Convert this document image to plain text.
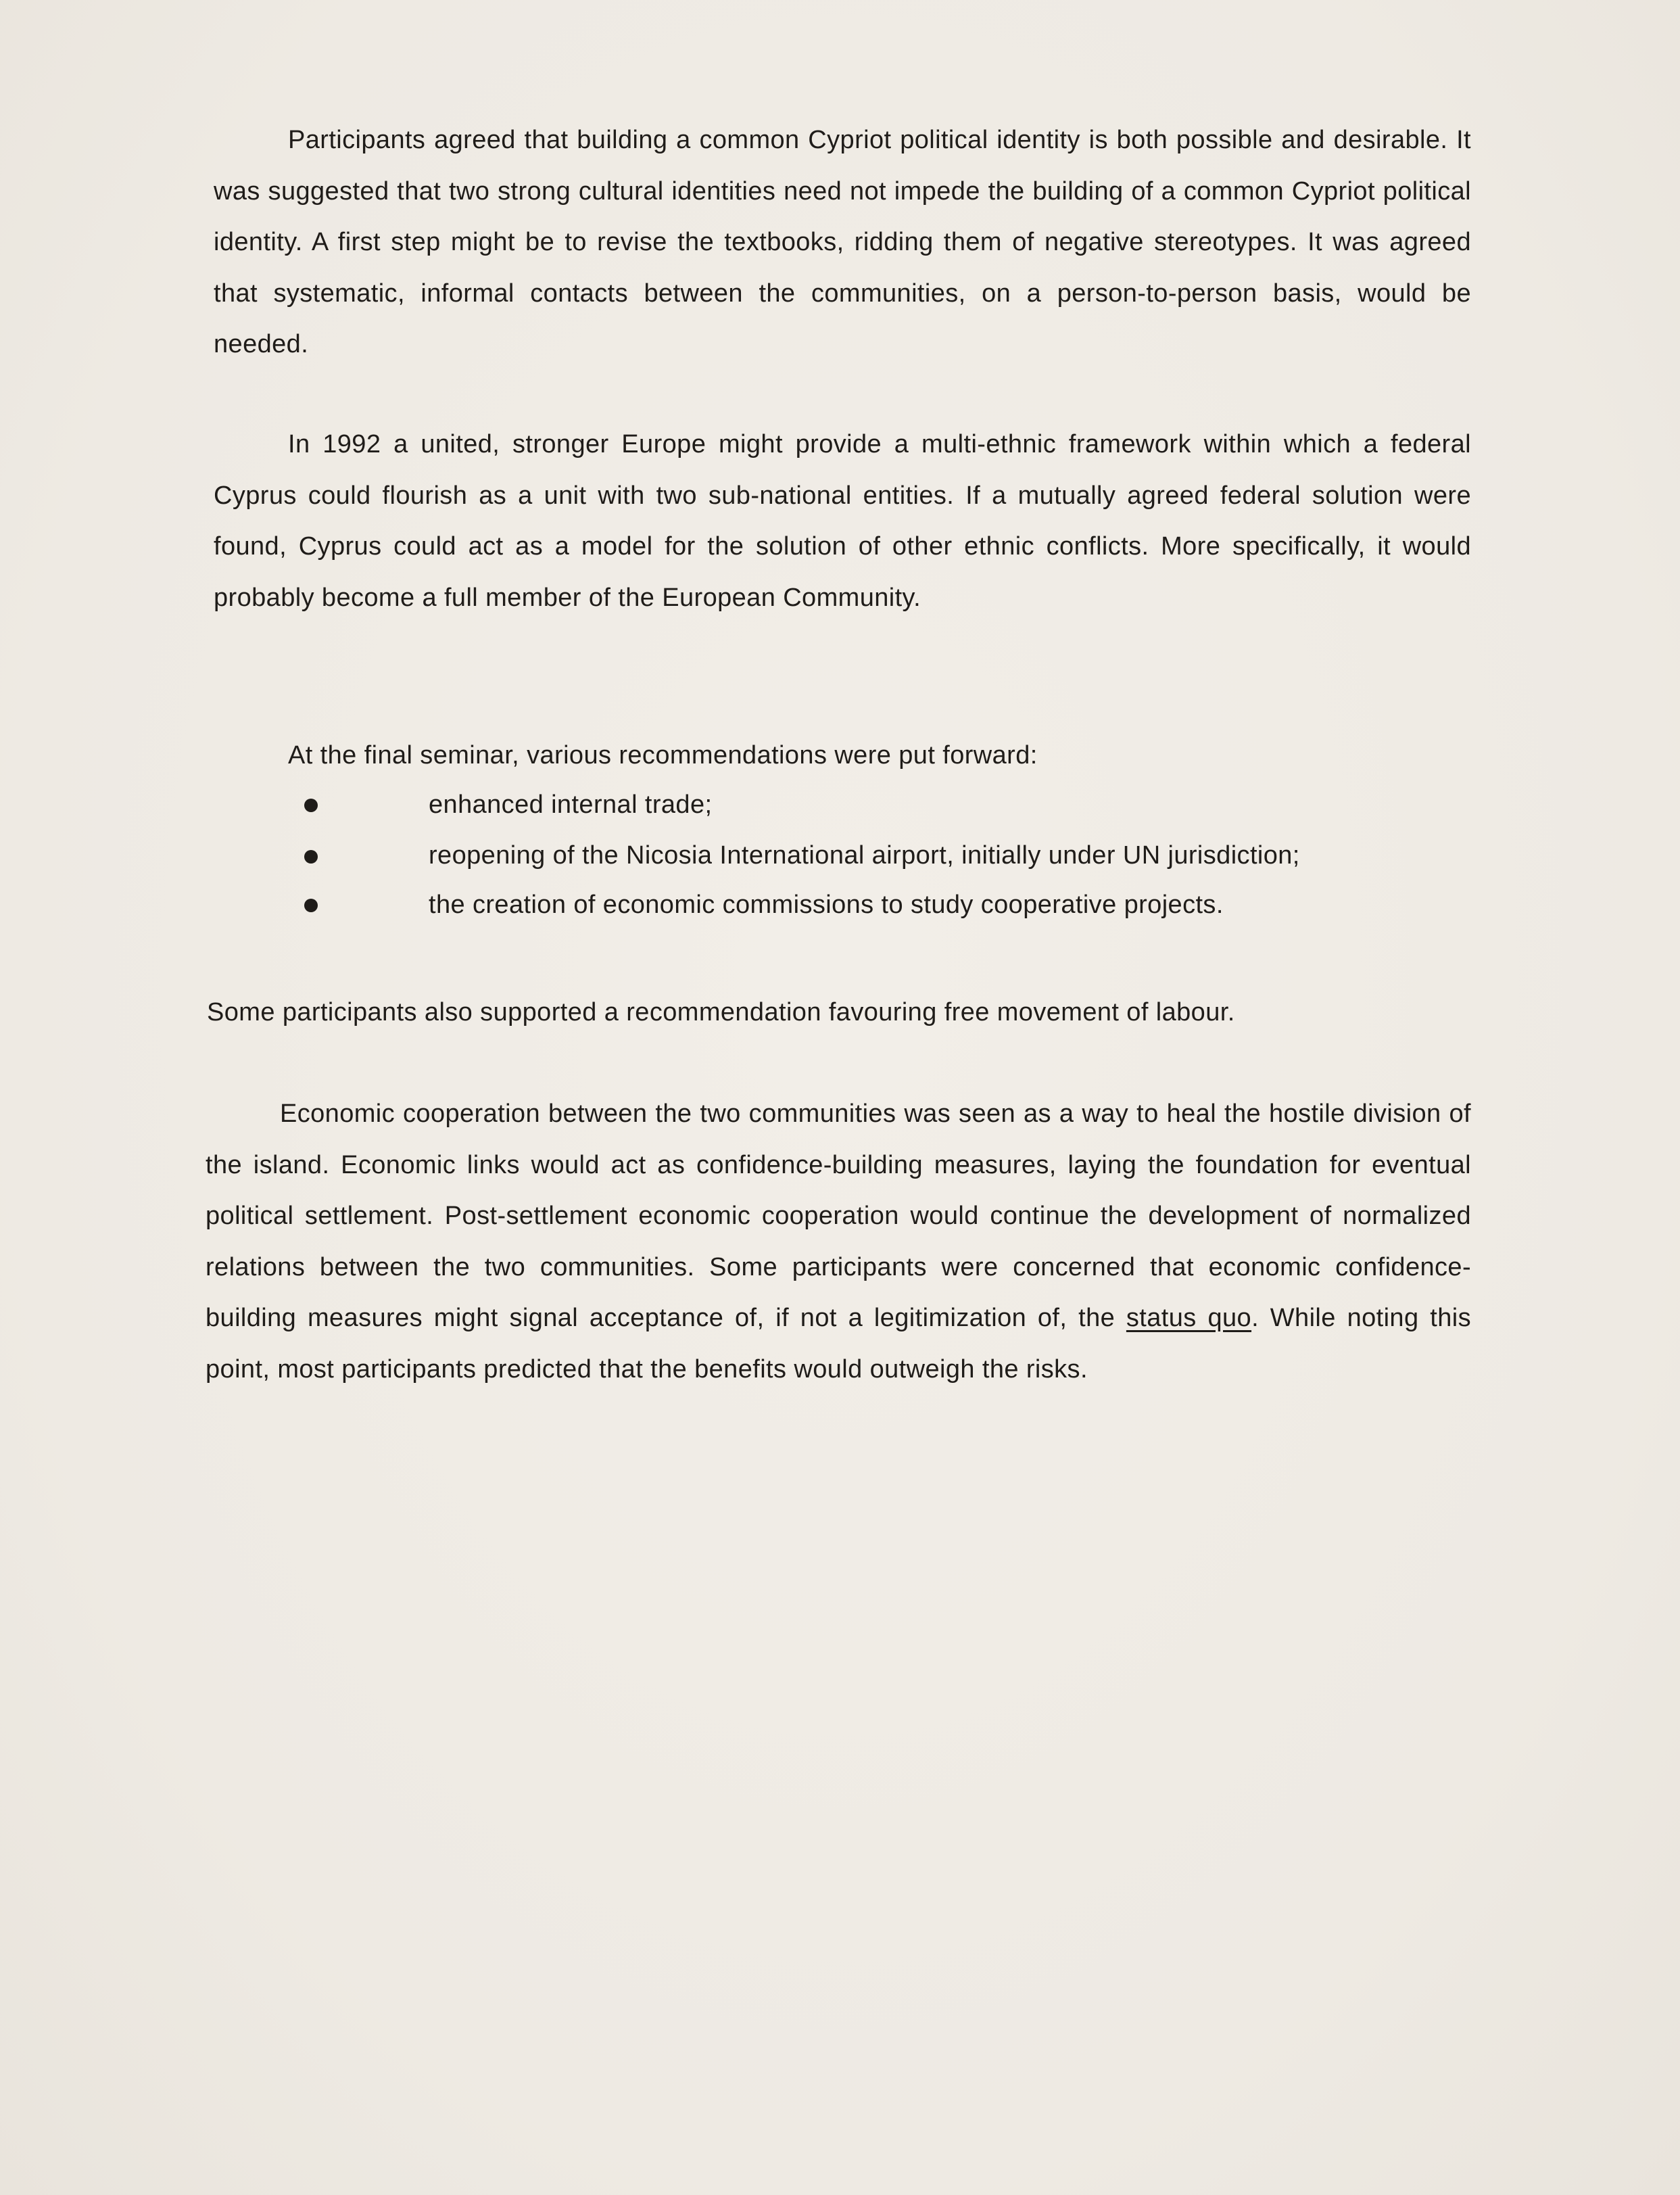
Participants agreed that building a common Cypriot political identity is both possible and desirable. It was suggested that two strong cultural identities need not impede the building of a common Cypriot political identity. A first step might be to revise the textbooks, ridding them of negative stereotypes. It was agreed that systematic, informal contacts between the communities, on a person-to-person basis, would be needed.

In 1992 a united, stronger Europe might provide a multi-ethnic framework within which a federal Cyprus could flourish as a unit with two sub-national entities. If a mutually agreed federal solution were found, Cyprus could act as a model for the solution of other ethnic conflicts. More specifically, it would probably become a full member of the European Community.

At the final seminar, various recommendations were put forward:

enhanced internal trade;
reopening of the Nicosia International airport, initially under UN jurisdiction;
the creation of economic commissions to study cooperative projects.

Some participants also supported a recommendation favouring free movement of labour.

Economic cooperation between the two communities was seen as a way to heal the hostile division of the island. Economic links would act as confidence-building measures, laying the foundation for eventual political settlement. Post-settlement economic cooperation would continue the development of normalized relations between the two communities. Some participants were concerned that economic confidence-building measures might signal acceptance of, if not a legitimization of, the status quo. While noting this point, most participants predicted that the benefits would outweigh the risks.
